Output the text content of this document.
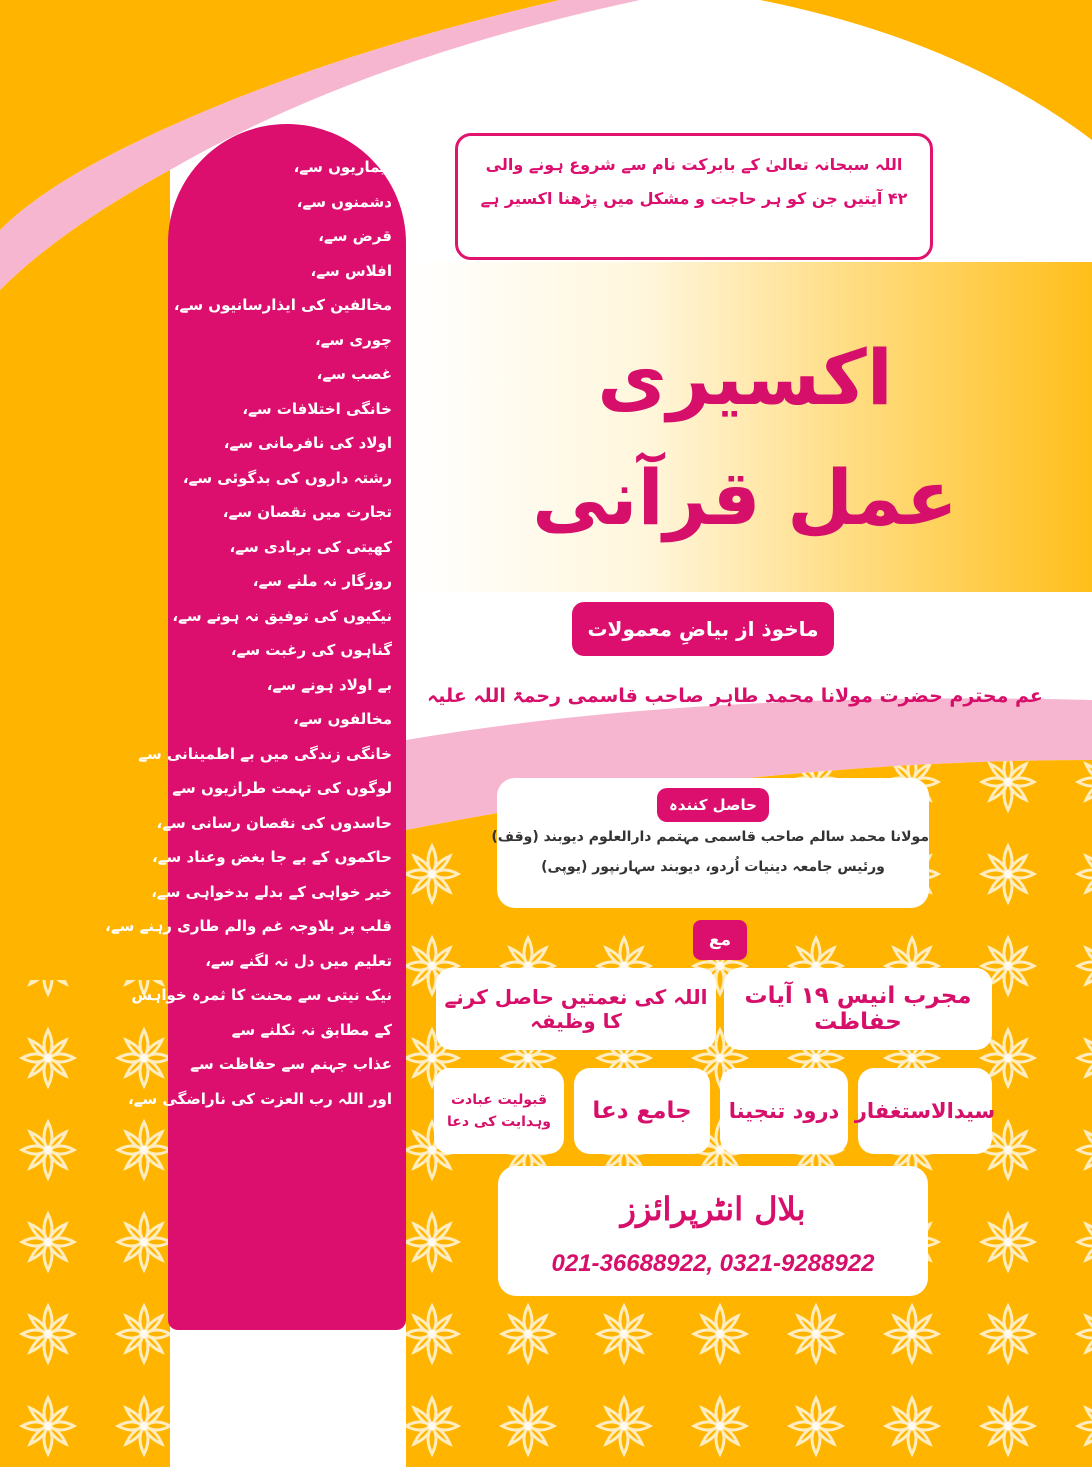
بیماریوں سے،
دشمنوں سے،
قرض سے،
افلاس سے،
مخالفین کی ایذارسانیوں سے،
چوری سے،
غصب سے،
خانگی اختلافات سے،
اولاد کی نافرمانی سے،
رشتہ داروں کی بدگوئی سے،
تجارت میں نقصان سے،
کھیتی کی بربادی سے،
روزگار نہ ملنے سے،
نیکیوں کی توفیق نہ ہونے سے،
گناہوں کی رغبت سے،
بے اولاد ہونے سے،
مخالفوں سے،
خانگی زندگی میں بے اطمینانی سے
لوگوں کی تہمت طرازیوں سے
حاسدوں کی نقصان رسانی سے،
حاکموں کے بے جا بغض وعناد سے،
خیر خواہی کے بدلے بدخواہی سے،
قلب پر بلاوجہ غم والم طاری رہنے سے،
تعلیم میں دل نہ لگنے سے،
نیک نیتی سے محنت کا ثمرہ خواہش
کے مطابق نہ نکلنے سے
عذاب جہنم سے حفاظت سے
اور اللہ رب العزت کی ناراضگی سے،
اللہ سبحانہ تعالیٰ کے بابرکت نام سے شروع ہونے والی
۴۲ آیتیں جن کو ہر حاجت و مشکل میں پڑھنا اکسیر ہے
اکسیری
عمل قرآنی
ماخوذ از بیاضِ معمولات
عم محترم حضرت مولانا محمد طاہر صاحب قاسمی رحمۃ اللہ علیہ
حاصل کنندہ
مولانا محمد سالم صاحب قاسمی مہتمم دارالعلوم دیوبند (وقف)
ورئیس جامعہ دینیات اُردو، دیوبند سہارنپور (یوپی)
مع
مجرب انیس ١٩ آیات حفاظت
اللہ کی نعمتیں حاصل کرنے کا وظیفہ
سیدالاستغفار
درود تنجینا
جامع دعا
قبولیت عبادت وہدایت کی دعا
بلال انٹرپرائزز
021-36688922, 0321-9288922
